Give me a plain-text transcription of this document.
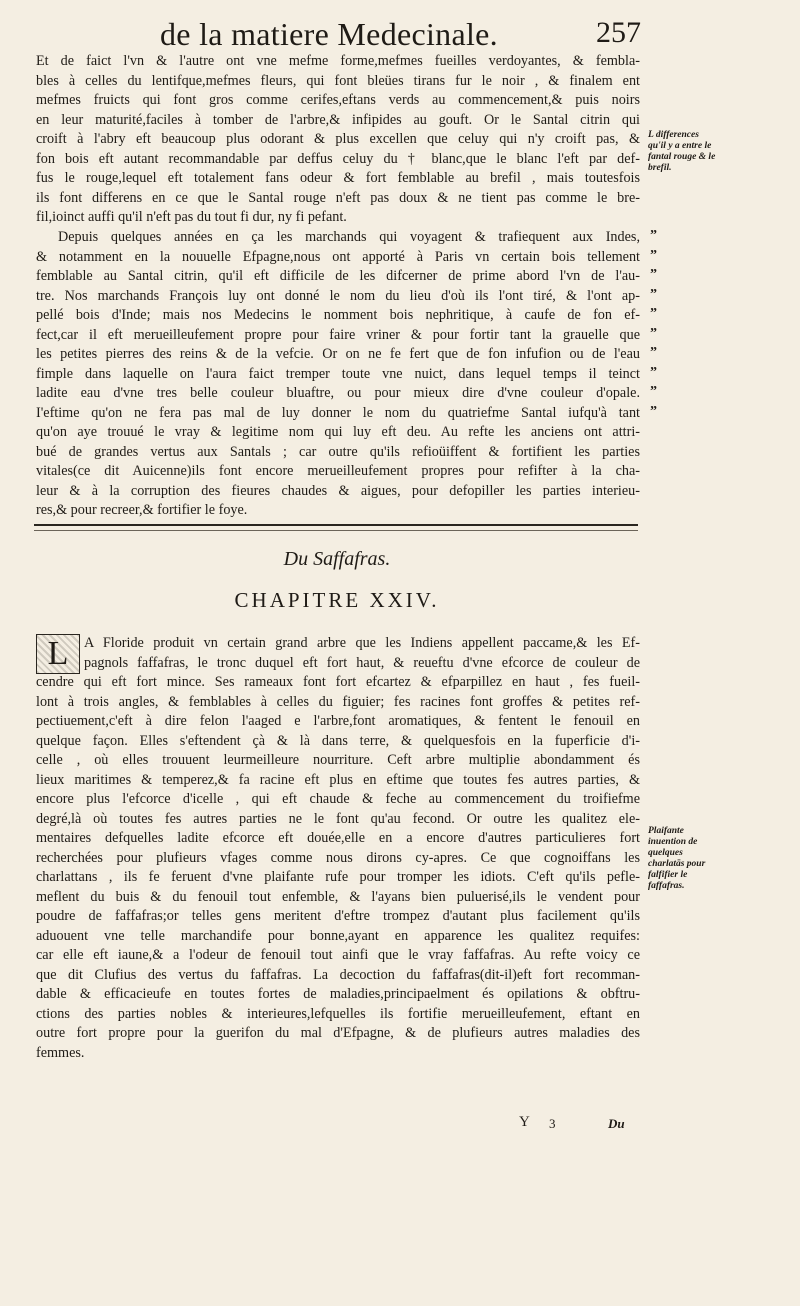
de la matiere Medecinale.	257
Et de faict l'vn & l'autre ont vne mefme forme,mefmes fueilles verdoyantes, & fembla-
bles à celles du lentifque,mefmes fleurs, qui font bleües tirans fur le noir , & finalem ent
mefmes fruicts qui font gros comme cerifes,eftans verds au commencement,& puis noirs
en leur maturité,faciles à tomber de l'arbre,& infipides au gouft. Or le Santal citrin qui
croift à l'abry eft beaucoup plus odorant & plus excellen que celuy qui n'y croift pas, &
fon bois eft autant recommandable par deffus celuy du † blanc,que le blanc l'eft par def-
fus le rouge,lequel eft totalement fans odeur & fort femblable au brefil , mais toutesfois
ils font differens en ce que le Santal rouge n'eft pas doux & ne tient pas comme le bre-
fil,ioinct auffi qu'il n'eft pas du tout fi dur, ny fi pefant.
Depuis quelques années en ça les marchands qui voyagent & trafiequent aux Indes,
& notamment en la nouuelle Efpagne,nous ont apporté à Paris vn certain bois tellement
femblable au Santal citrin, qu'il eft difficile de les difcerner de prime abord l'vn de l'au-
tre. Nos marchands François luy ont donné le nom du lieu d'où ils l'ont tiré, & l'ont ap-
pellé bois d'Inde; mais nos Medecins le nomment bois nephritique, à caufe de fon ef-
fect,car il eft merueilleufement propre pour faire vriner & pour fortir tant la grauelle que
les petites pierres des reins & de la vefcie. Or on ne fe fert que de fon infufion ou de l'eau
fimple dans laquelle on l'aura faict tremper toute vne nuict, dans lequel temps il teinct
ladite eau d'vne tres belle couleur bluaftre, ou pour mieux dire d'vne couleur d'opale.
I'eftime qu'on ne fera pas mal de luy donner le nom du quatriefme Santal iufqu'à tant
qu'on aye trouué le vray & legitime nom qui luy eft deu. Au refte les anciens ont attri-
bué de grandes vertus aux Santals ; car outre qu'ils refioüiffent & fortifient les parties
vitales(ce dit Auicenne)ils font encore merueilleufement propres pour refifter à la cha-
leur & à la corruption des fieures chaudes & aigues, pour defopiller les parties interieu-
res,& pour recreer,& fortifier le foye.
”
”
”
”
”
”
”
”
”
”
L differences qu'il y a entre le fantal rouge & le brefil.
Du Saffafras.
CHAPITRE XXIV.
L	A Floride produit vn certain grand arbre que les Indiens appellent paccame,& les Ef-
pagnols faffafras, le tronc duquel eft fort haut, & reueftu d'vne efcorce de couleur de
cendre qui eft fort mince. Ses rameaux font fort efcartez & efparpillez en haut , fes fueil-
lont à trois angles, & femblables à celles du figuier; fes racines font groffes & petites ref-
pectiuement,c'eft à dire felon l'aaged e l'arbre,font aromatiques, & fentent le fenouil en
quelque façon. Elles s'eftendent çà & là dans terre, & quelquesfois en la fuperficie d'i-
celle , où elles trouuent leurmeilleure nourriture. Ceft arbre multiplie abondamment és
lieux maritimes & temperez,& fa racine eft plus en eftime que toutes fes autres parties, &
encore plus l'efcorce d'icelle , qui eft chaude & feche au commencement du troifiefme
degré,là où toutes fes autres parties ne le font qu'au fecond. Or outre les qualitez ele-
mentaires defquelles ladite efcorce eft douée,elle en a encore d'autres particulieres fort
recherchées pour plufieurs vfages comme nous dirons cy-apres. Ce que cognoiffans les
charlattans , ils fe feruent d'vne plaifante rufe pour tromper les idiots. C'eft qu'ils pefle-
meflent du buis & du fenouil tout enfemble, & l'ayans bien puluerisé,ils le vendent pour
poudre de faffafras;or telles gens meritent d'eftre trompez d'autant plus facilement qu'ils
aduouent vne telle marchandife pour bonne,ayant en apparence les qualitez requifes:
car elle eft iaune,& a l'odeur de fenouil tout ainfi que le vray faffafras. Au refte voicy ce
que dit Clufius des vertus du faffafras. La decoction du faffafras(dit-il)eft fort recomman-
dable & efficacieufe en toutes fortes de maladies,principaelment és opilations & obftru-
ctions des parties nobles & interieures,lefquelles ils fortifie merueilleufement, eftant en
outre fort propre pour la guerifon du mal d'Efpagne, & de plufieurs autres maladies des
femmes.
Plaifante inuention de quelques charlatās pour falfifier le faffafras.
Y 3	Du
